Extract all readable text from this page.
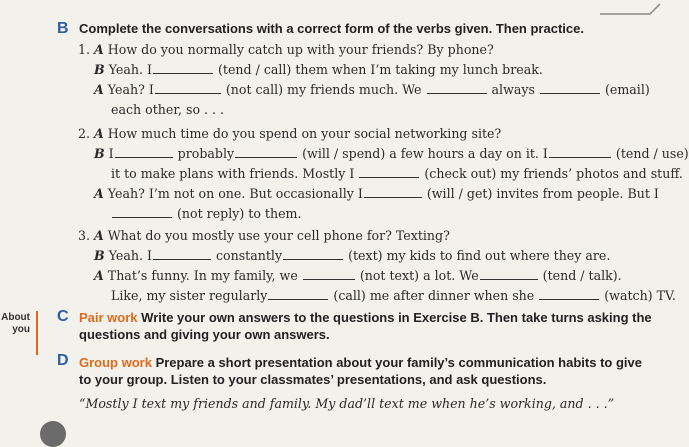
B Complete the conversations with a correct form of the verbs given. Then practice.
1. A How do you normally catch up with your friends? By phone?
B Yeah. I	(tend / call) them when I’m taking my lunch break.
A Yeah? I	(not call) my friends much. We	always	(email)
each other, so . . .
2. A How much time do you spend on your social networking site?
B I	probably	(will / spend) a few hours a day on it. I	(tend / use)
it to make plans with friends. Mostly I	(check out) my friends’ photos and stuff.
A Yeah? I’m not on one. But occasionally I	(will / get) invites from people. But I
(not reply) to them.
3. A What do you mostly use your cell phone for? Texting?
B Yeah. I	constantly	(text) my kids to find out where they are.
A That’s funny. In my family, we	(not text) a lot. We	(tend / talk).
Like, my sister regularly	(call) me after dinner when she	(watch) TV.
About
you
C Pair work Write your own answers to the questions in Exercise B. Then take turns asking the
questions and giving your own answers.
D Group work Prepare a short presentation about your family’s communication habits to give
to your group. Listen to your classmates’ presentations, and ask questions.
“Mostly I text my friends and family. My dad’ll text me when he’s working, and . . .”
